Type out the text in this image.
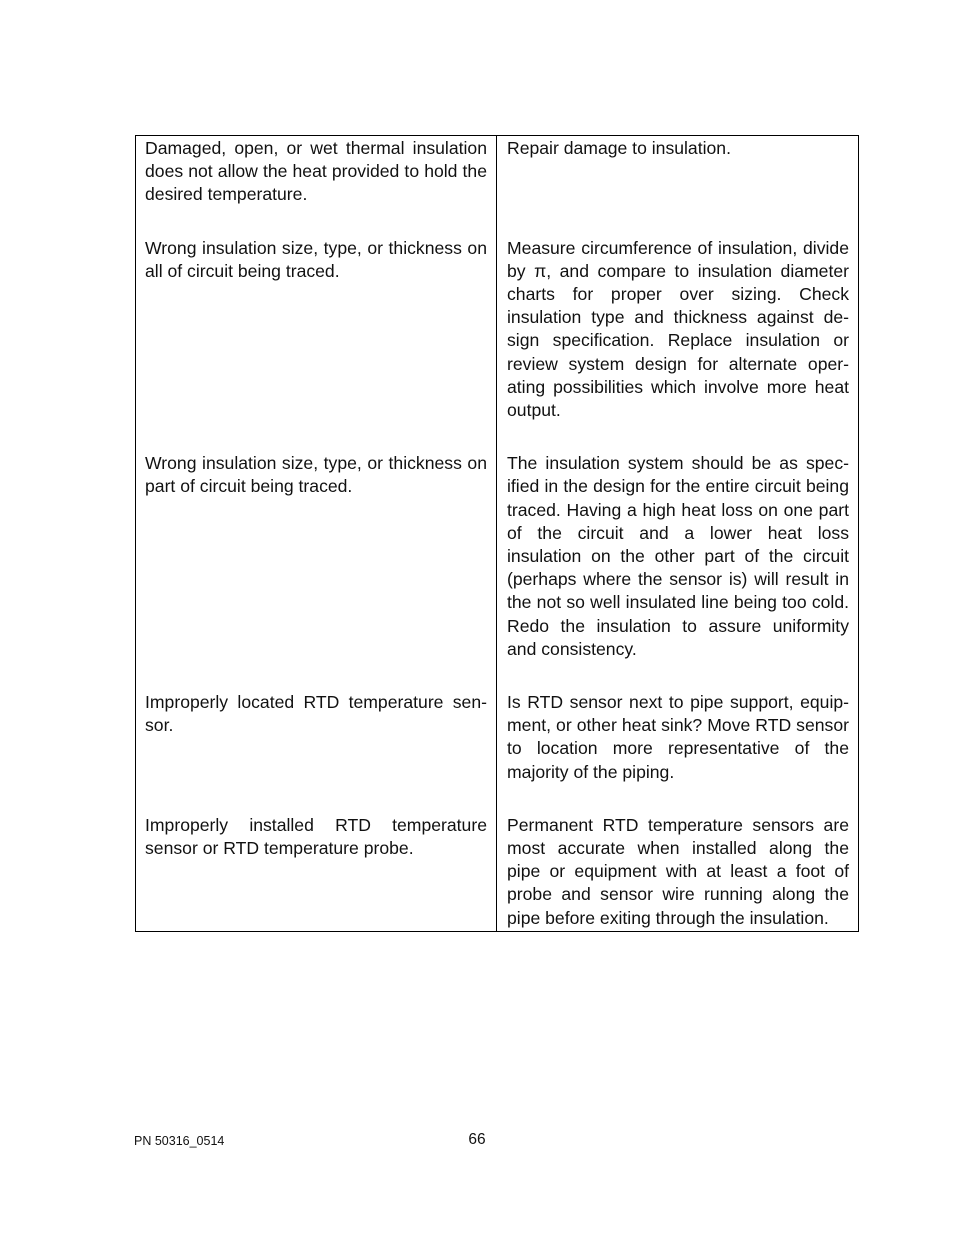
Damaged, open, or wet thermal insulation does not allow the heat provided to hold the desired temperature.
Repair damage to insulation.
Wrong insulation size, type, or thickness on all of circuit being traced.
Measure circumference of insulation, divide by π, and compare to insulation diameter charts for proper over sizing. Check insulation type and thickness against design specification. Replace insulation or review system design for alternate operating possibilities which involve more heat output.
Wrong insulation size, type, or thickness on part of circuit being traced.
The insulation system should be as specified in the design for the entire circuit being traced. Having a high heat loss on one part of the circuit and a lower heat loss insulation on the other part of the circuit (perhaps where the sensor is) will result in the not so well insulated line being too cold. Redo the insulation to assure uniformity and consistency.
Improperly located RTD temperature sensor.
Is RTD sensor next to pipe support, equipment, or other heat sink? Move RTD sensor to location more representative of the majority of the piping.
Improperly installed RTD temperature sensor or RTD temperature probe.
Permanent RTD temperature sensors are most accurate when installed along the pipe or equipment with at least a foot of probe and sensor wire running along the pipe before exiting through the insulation.
PN 50316_0514	66
